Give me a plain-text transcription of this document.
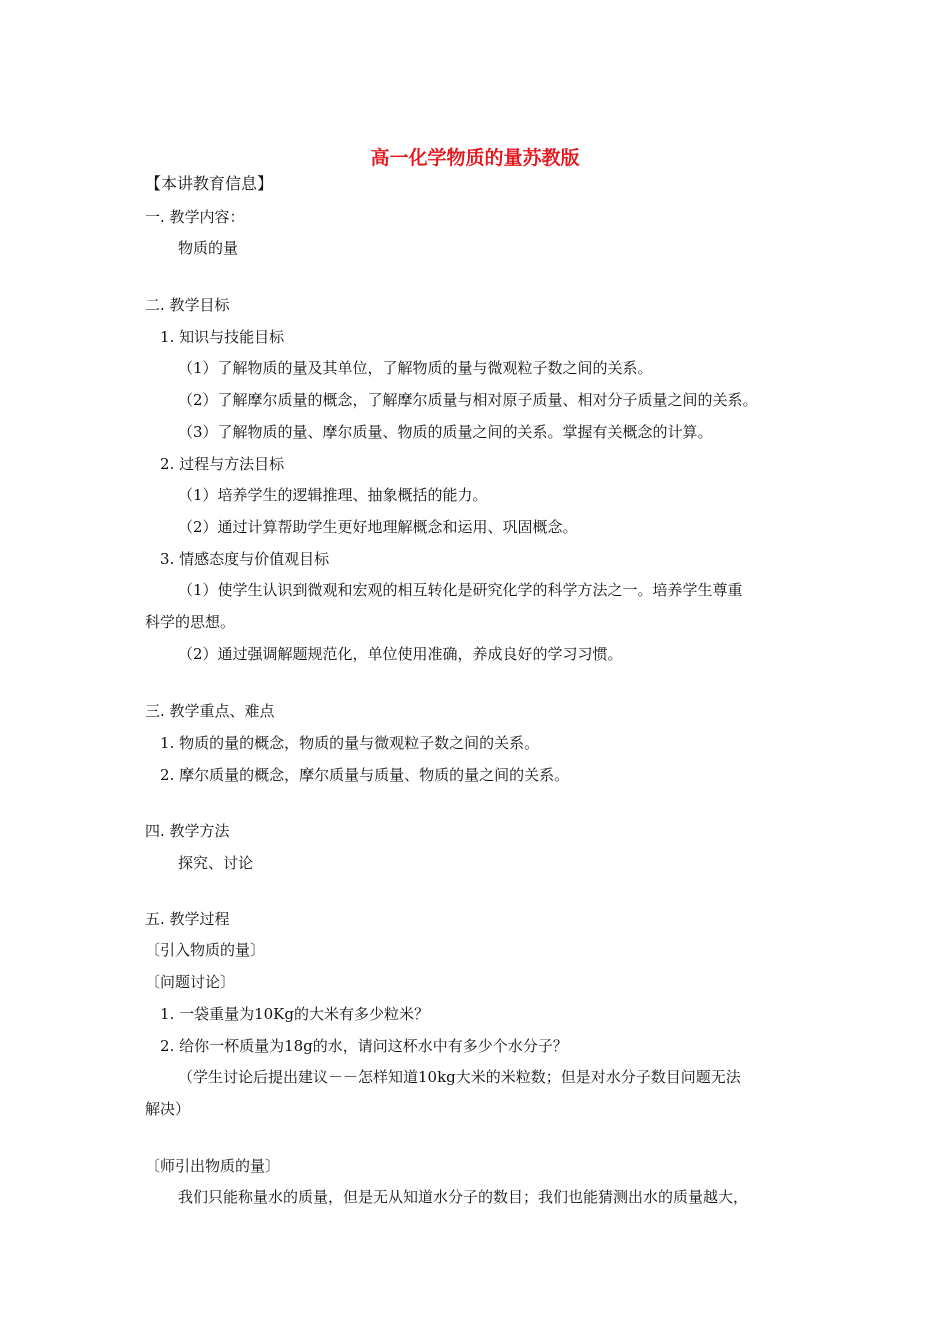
高一化学物质的量苏教版
【本讲教育信息】
一. 教学内容：
物质的量
二. 教学目标
1. 知识与技能目标
（1）了解物质的量及其单位，了解物质的量与微观粒子数之间的关系。
（2）了解摩尔质量的概念，了解摩尔质量与相对原子质量、相对分子质量之间的关系。
（3）了解物质的量、摩尔质量、物质的质量之间的关系。掌握有关概念的计算。
2. 过程与方法目标
（1）培养学生的逻辑推理、抽象概括的能力。
（2）通过计算帮助学生更好地理解概念和运用、巩固概念。
3. 情感态度与价值观目标
（1）使学生认识到微观和宏观的相互转化是研究化学的科学方法之一。培养学生尊重
科学的思想。
（2）通过强调解题规范化，单位使用准确，养成良好的学习习惯。
三. 教学重点、难点
1. 物质的量的概念，物质的量与微观粒子数之间的关系。
2. 摩尔质量的概念，摩尔质量与质量、物质的量之间的关系。
四. 教学方法
探究、讨论
五. 教学过程
〔引入物质的量〕
〔问题讨论〕
1. 一袋重量为10Kg的大米有多少粒米？
2. 给你一杯质量为18g的水，请问这杯水中有多少个水分子？
（学生讨论后提出建议－－怎样知道10kg大米的米粒数；但是对水分子数目问题无法
解决）
〔师引出物质的量〕
我们只能称量水的质量，但是无从知道水分子的数目；我们也能猜测出水的质量越大，
